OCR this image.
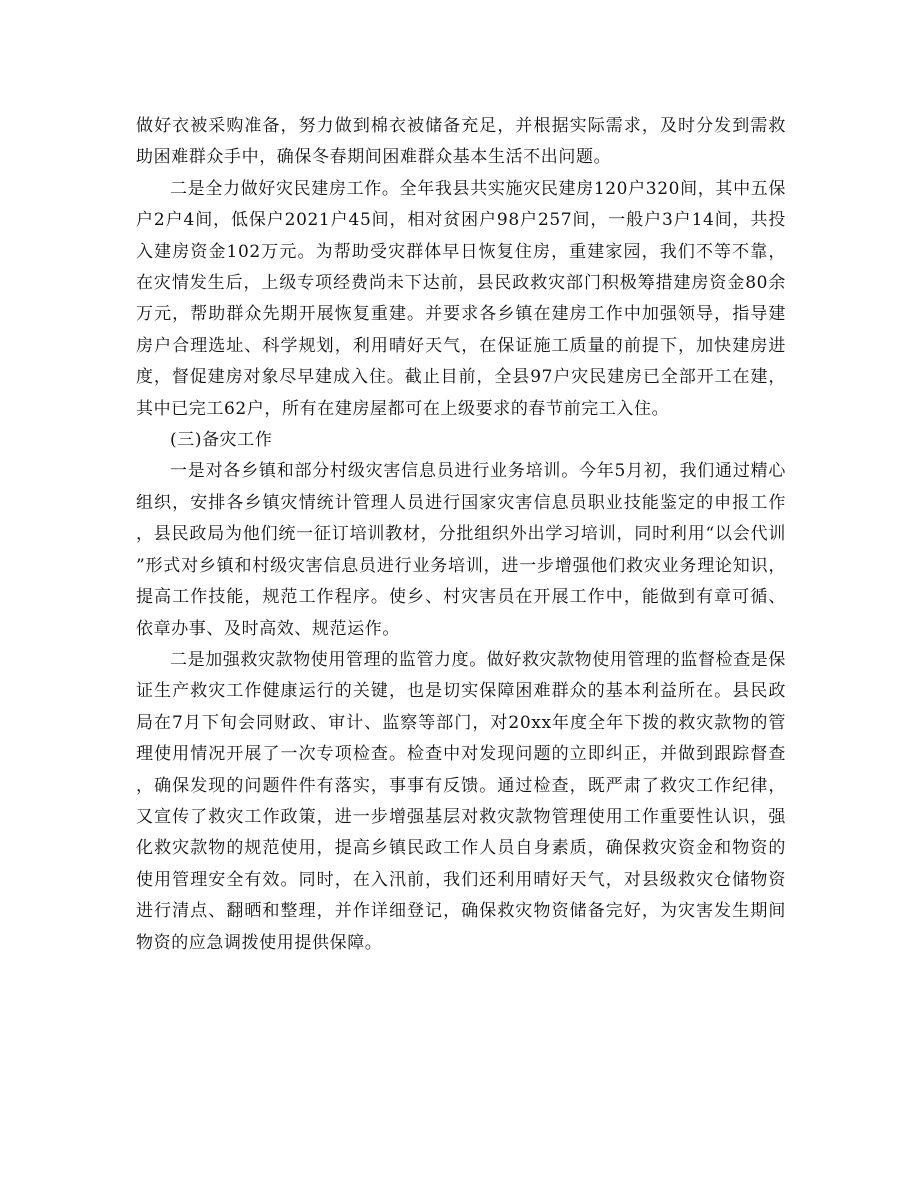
做好衣被采购准备，努力做到棉衣被储备充足，并根据实际需求，及时分发到需救助困难群众手中，确保冬春期间困难群众基本生活不出问题。

二是全力做好灾民建房工作。全年我县共实施灾民建房120户320间，其中五保户2户4间，低保户2021户45间，相对贫困户98户257间，一般户3户14间，共投入建房资金102万元。为帮助受灾群体早日恢复住房，重建家园，我们不等不靠，在灾情发生后，上级专项经费尚未下达前，县民政救灾部门积极筹措建房资金80余万元，帮助群众先期开展恢复重建。并要求各乡镇在建房工作中加强领导，指导建房户合理选址、科学规划，利用晴好天气，在保证施工质量的前提下，加快建房进度，督促建房对象尽早建成入住。截止目前，全县97户灾民建房已全部开工在建，其中已完工62户，所有在建房屋都可在上级要求的春节前完工入住。

(三)备灾工作

一是对各乡镇和部分村级灾害信息员进行业务培训。今年5月初，我们通过精心组织，安排各乡镇灾情统计管理人员进行国家灾害信息员职业技能鉴定的申报工作，县民政局为他们统一征订培训教材，分批组织外出学习培训，同时利用“以会代训”形式对乡镇和村级灾害信息员进行业务培训，进一步增强他们救灾业务理论知识，提高工作技能，规范工作程序。使乡、村灾害员在开展工作中，能做到有章可循、依章办事、及时高效、规范运作。

二是加强救灾款物使用管理的监管力度。做好救灾款物使用管理的监督检查是保证生产救灾工作健康运行的关键，也是切实保障困难群众的基本利益所在。县民政局在7月下旬会同财政、审计、监察等部门，对20xx年度全年下拨的救灾款物的管理使用情况开展了一次专项检查。检查中对发现问题的立即纠正，并做到跟踪督查，确保发现的问题件件有落实，事事有反馈。通过检查，既严肃了救灾工作纪律，又宣传了救灾工作政策，进一步增强基层对救灾款物管理使用工作重要性认识，强化救灾款物的规范使用，提高乡镇民政工作人员自身素质，确保救灾资金和物资的使用管理安全有效。同时，在入汛前，我们还利用晴好天气，对县级救灾仓储物资进行清点、翻晒和整理，并作详细登记，确保救灾物资储备完好，为灾害发生期间物资的应急调拨使用提供保障。
